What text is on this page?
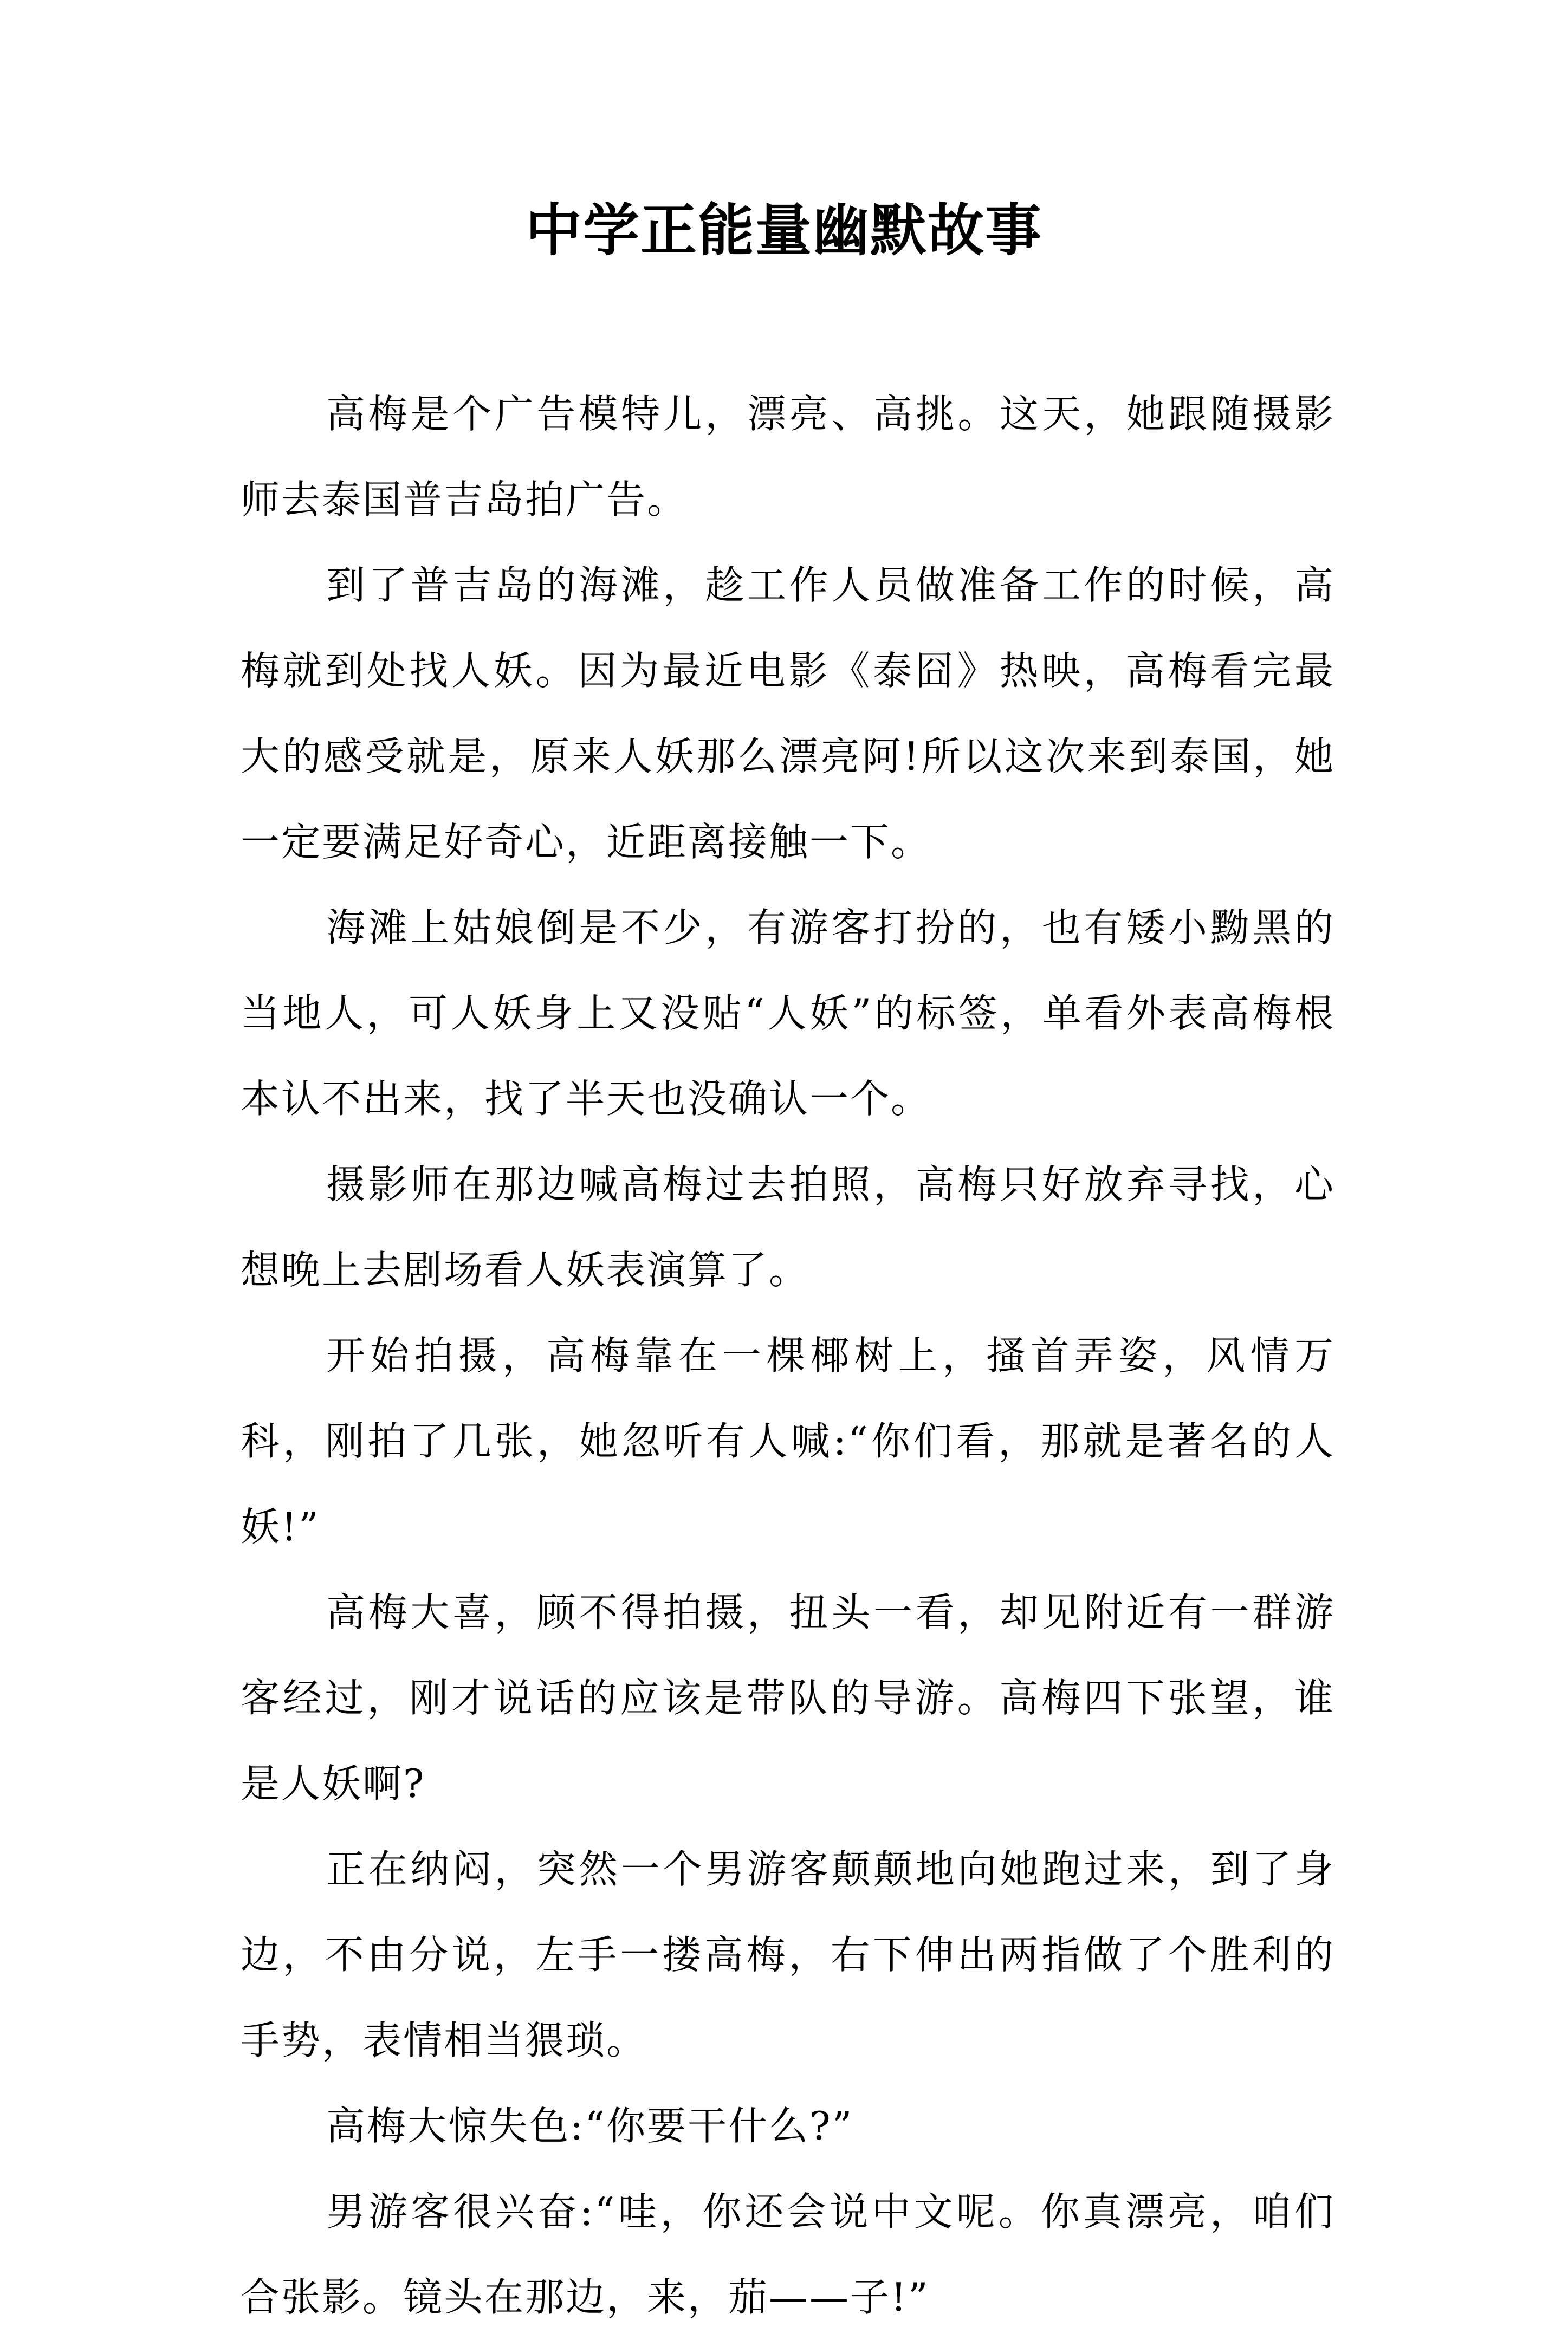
中学正能量幽默故事

高梅是个广告模特儿，漂亮、高挑。这天，她跟随摄影师去泰国普吉岛拍广告。

到了普吉岛的海滩，趁工作人员做准备工作的时候，高梅就到处找人妖。因为最近电影《泰囧》热映，高梅看完最大的感受就是，原来人妖那么漂亮阿!所以这次来到泰国，她一定要满足好奇心，近距离接触一下。

海滩上姑娘倒是不少，有游客打扮的，也有矮小黝黑的当地人，可人妖身上又没贴“人妖”的标签，单看外表高梅根本认不出来，找了半天也没确认一个。

摄影师在那边喊高梅过去拍照，高梅只好放弃寻找，心想晚上去剧场看人妖表演算了。

开始拍摄，高梅靠在一棵椰树上，搔首弄姿，风情万科，刚拍了几张，她忽听有人喊:“你们看，那就是著名的人妖!”

高梅大喜，顾不得拍摄，扭头一看，却见附近有一群游客经过，刚才说话的应该是带队的导游。高梅四下张望，谁是人妖啊?

正在纳闷，突然一个男游客颠颠地向她跑过来，到了身边，不由分说，左手一搂高梅，右下伸出两指做了个胜利的手势，表情相当猥琐。

高梅大惊失色:“你要干什么?”

男游客很兴奋:“哇，你还会说中文呢。你真漂亮，咱们合张影。镜头在那边，来，茄——子!”
